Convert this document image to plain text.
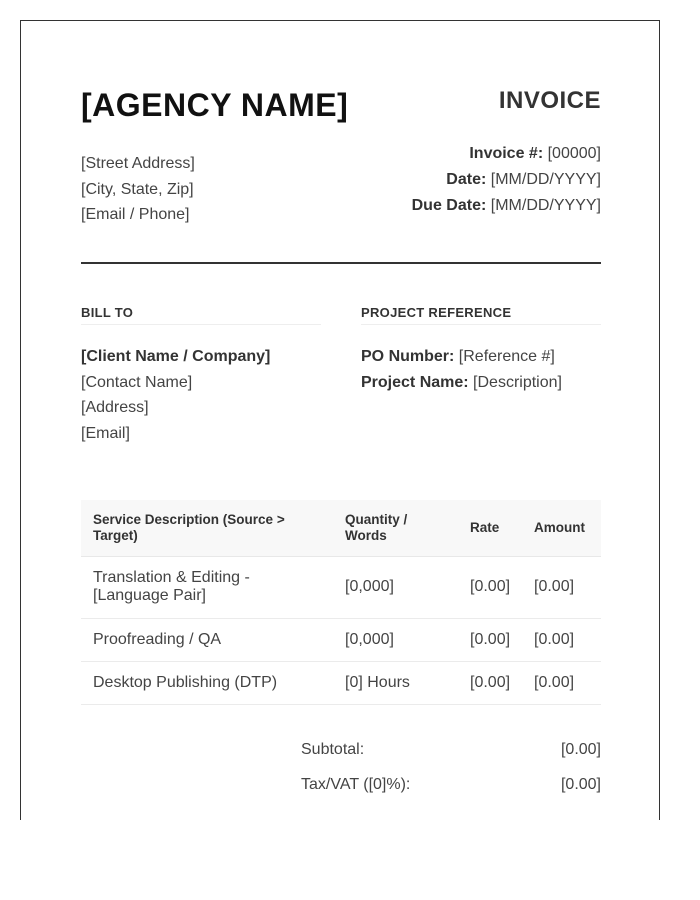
[AGENCY NAME]	INVOICE
[Street Address]
[City, State, Zip]
[Email / Phone]
Invoice #: [00000]
Date: [MM/DD/YYYY]
Due Date: [MM/DD/YYYY]
BILL TO
[Client Name / Company]
[Contact Name]
[Address]
[Email]
PROJECT REFERENCE
PO Number: [Reference #]
Project Name: [Description]
Service Description (Source > Target)	Quantity / Words	Rate	Amount
Translation & Editing - [Language Pair]	[0,000]	[0.00]	[0.00]
Proofreading / QA	[0,000]	[0.00]	[0.00]
Desktop Publishing (DTP)	[0] Hours	[0.00]	[0.00]
Subtotal:	[0.00]
Tax/VAT ([0]%):	[0.00]
